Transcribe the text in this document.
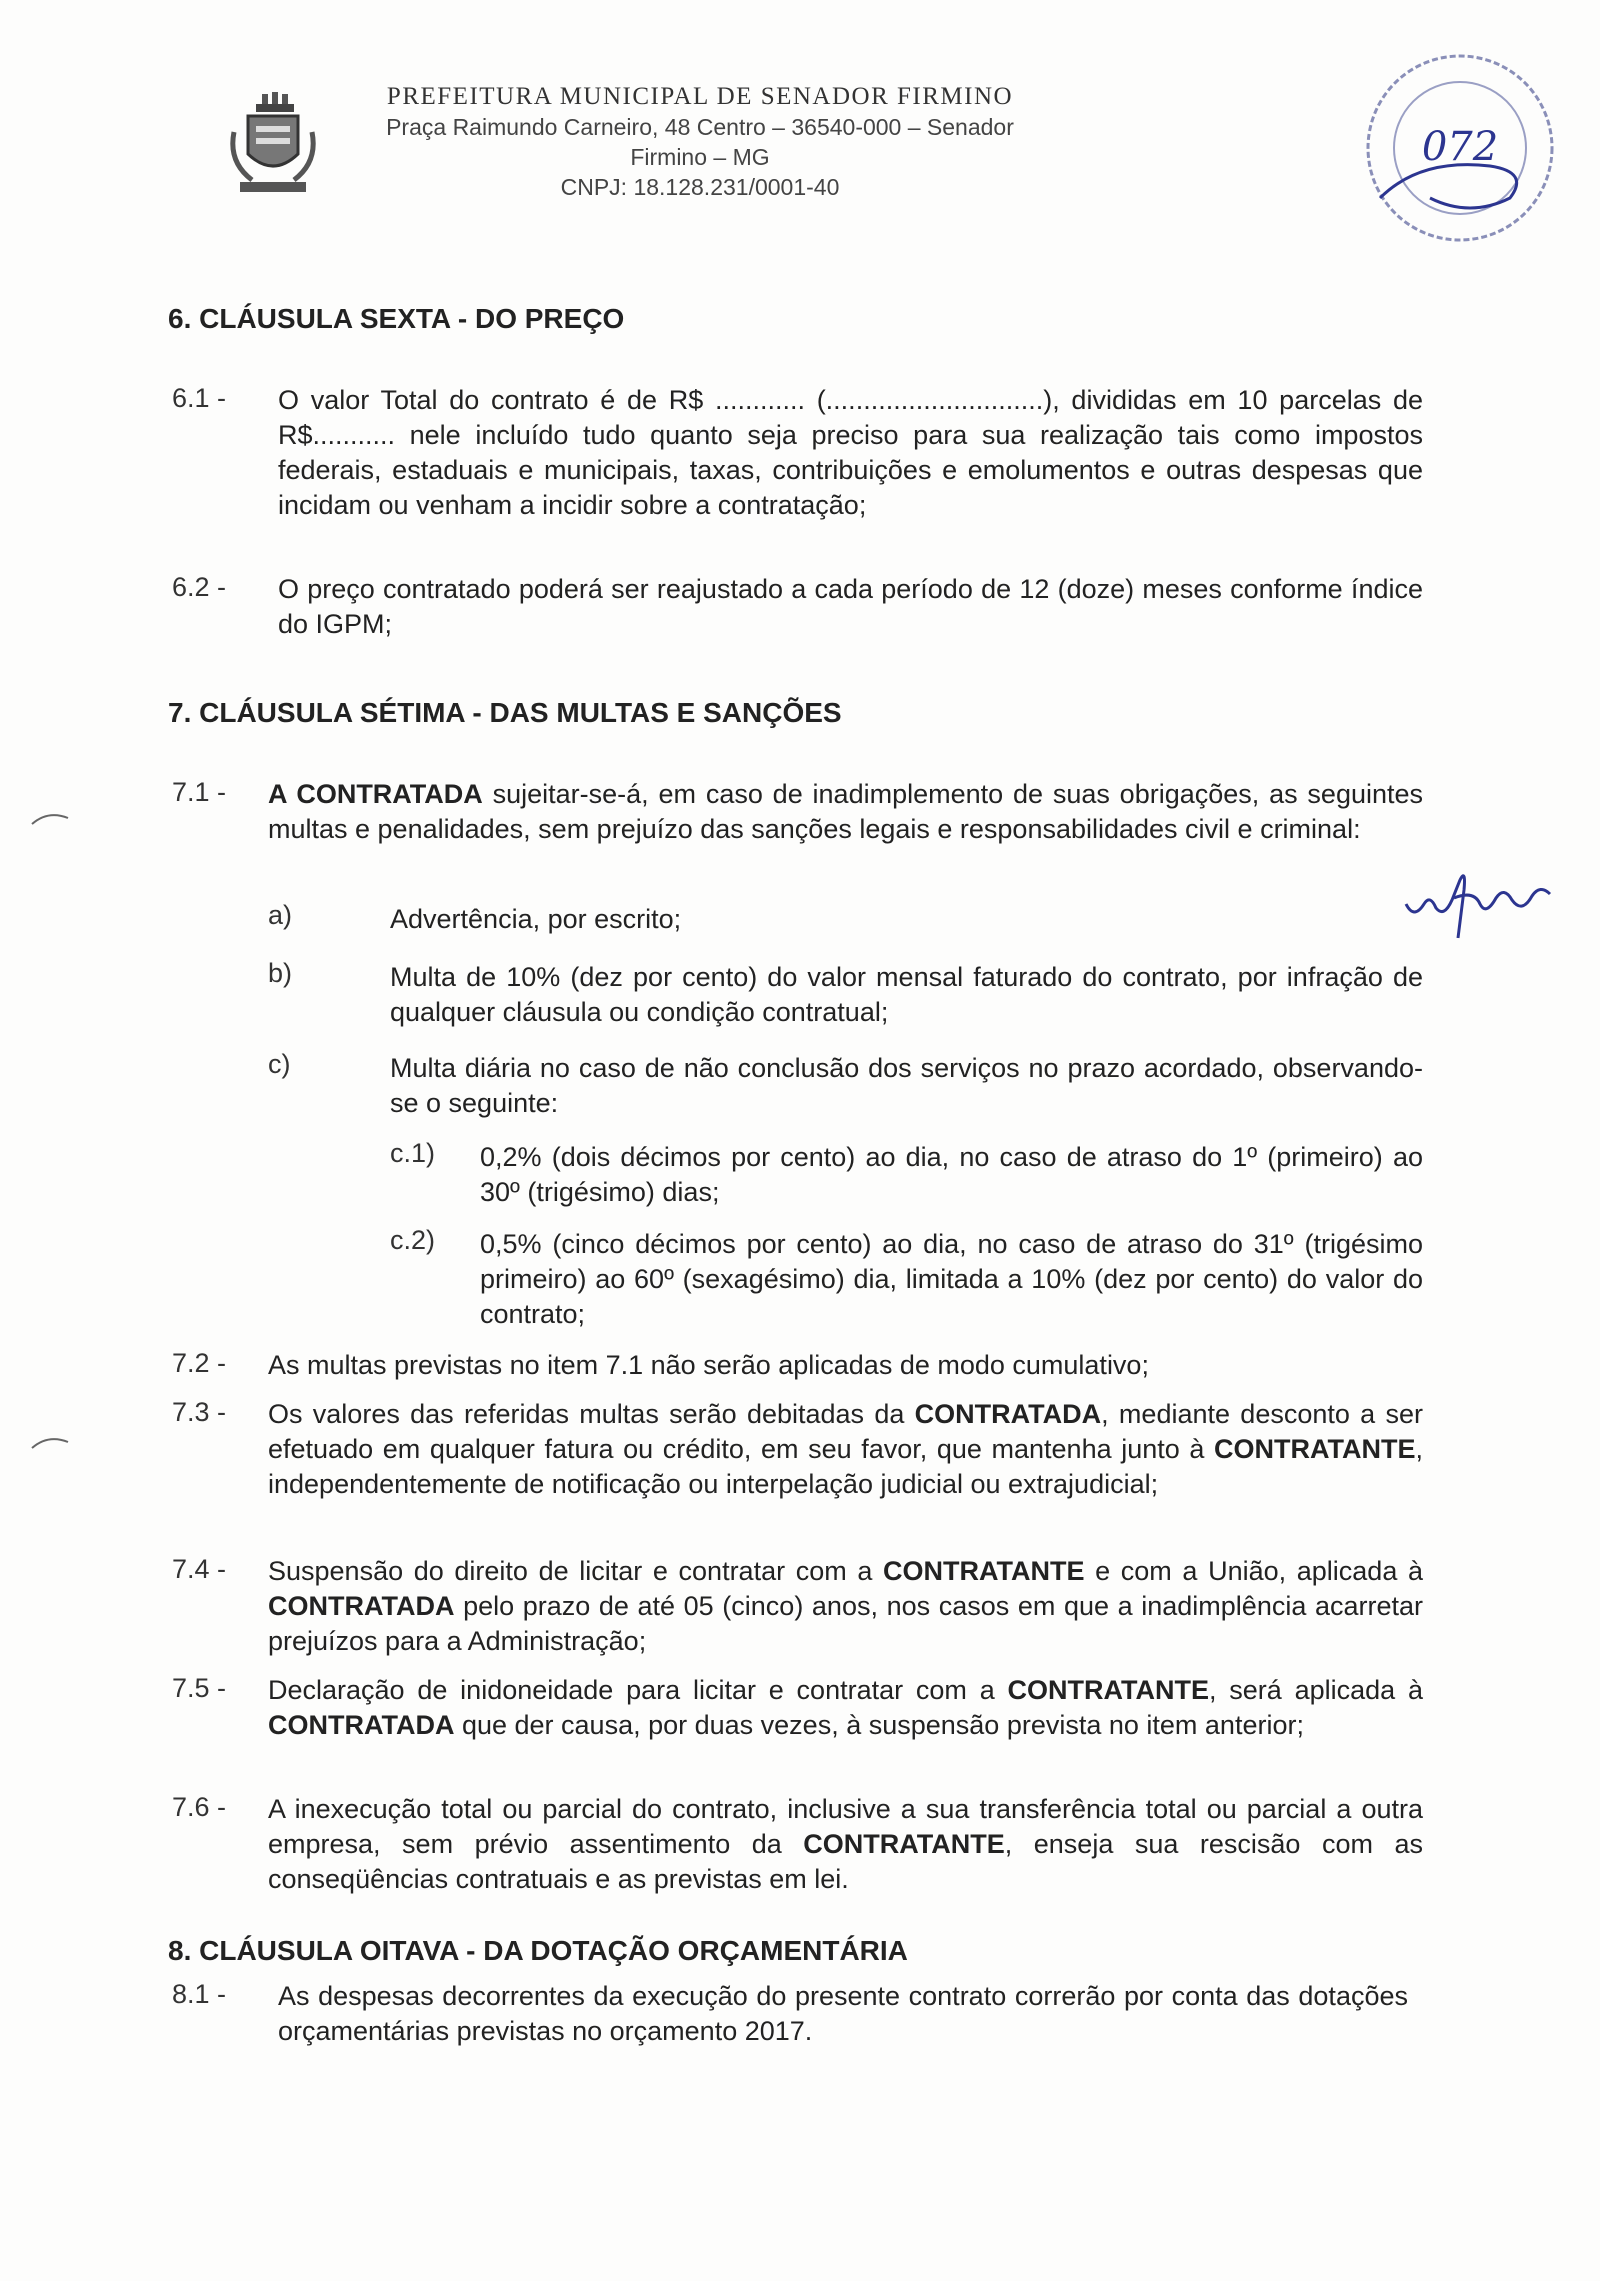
PREFEITURA MUNICIPAL DE SENADOR FIRMINO
Praça Raimundo Carneiro, 48 Centro – 36540-000 – Senador Firmino – MG
CNPJ: 18.128.231/0001-40
072
6. CLÁUSULA SEXTA - DO PREÇO
6.1 - O valor Total do contrato é de R$ ............ (.............................), divididas em 10 parcelas de R$........... nele incluído tudo quanto seja preciso para sua realização tais como impostos federais, estaduais e municipais, taxas, contribuições e emolumentos e outras despesas que incidam ou venham a incidir sobre a contratação;
6.2 - O preço contratado poderá ser reajustado a cada período de 12 (doze) meses conforme índice do IGPM;
7. CLÁUSULA SÉTIMA - DAS MULTAS E SANÇÕES
7.1 - A CONTRATADA sujeitar-se-á, em caso de inadimplemento de suas obrigações, as seguintes multas e penalidades, sem prejuízo das sanções legais e responsabilidades civil e criminal:
a)	Advertência, por escrito;
b)	Multa de 10% (dez por cento) do valor mensal faturado do contrato, por infração de qualquer cláusula ou condição contratual;
c)	Multa diária no caso de não conclusão dos serviços no prazo acordado, observando-se o seguinte:
c.1) 0,2% (dois décimos por cento) ao dia, no caso de atraso do 1º (primeiro) ao 30º (trigésimo) dias;
c.2) 0,5% (cinco décimos por cento) ao dia, no caso de atraso do 31º (trigésimo primeiro) ao 60º (sexagésimo) dia, limitada a 10% (dez por cento) do valor do contrato;
7.2 - As multas previstas no item 7.1 não serão aplicadas de modo cumulativo;
7.3 - Os valores das referidas multas serão debitadas da CONTRATADA, mediante desconto a ser efetuado em qualquer fatura ou crédito, em seu favor, que mantenha junto à CONTRATANTE, independentemente de notificação ou interpelação judicial ou extrajudicial;
7.4 - Suspensão do direito de licitar e contratar com a CONTRATANTE e com a União, aplicada à CONTRATADA pelo prazo de até 05 (cinco) anos, nos casos em que a inadimplência acarretar prejuízos para a Administração;
7.5 - Declaração de inidoneidade para licitar e contratar com a CONTRATANTE, será aplicada à CONTRATADA que der causa, por duas vezes, à suspensão prevista no item anterior;
7.6 - A inexecução total ou parcial do contrato, inclusive a sua transferência total ou parcial a outra empresa, sem prévio assentimento da CONTRATANTE, enseja sua rescisão com as conseqüências contratuais e as previstas em lei.
8. CLÁUSULA OITAVA - DA DOTAÇÃO ORÇAMENTÁRIA
8.1 - As despesas decorrentes da execução do presente contrato correrão por conta das dotações orçamentárias previstas no orçamento 2017.
